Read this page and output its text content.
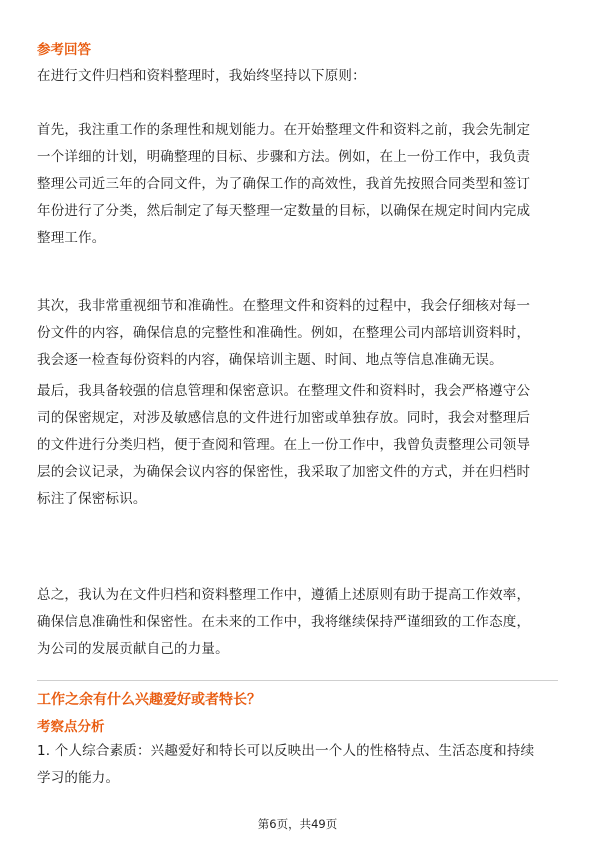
参考回答
在进行文件归档和资料整理时，我始终坚持以下原则：
首先，我注重工作的条理性和规划能力。在开始整理文件和资料之前，我会先制定
一个详细的计划，明确整理的目标、步骤和方法。例如，在上一份工作中，我负责
整理公司近三年的合同文件，为了确保工作的高效性，我首先按照合同类型和签订
年份进行了分类，然后制定了每天整理一定数量的目标，以确保在规定时间内完成
整理工作。
其次，我非常重视细节和准确性。在整理文件和资料的过程中，我会仔细核对每一
份文件的内容，确保信息的完整性和准确性。例如，在整理公司内部培训资料时，
我会逐一检查每份资料的内容，确保培训主题、时间、地点等信息准确无误。
最后，我具备较强的信息管理和保密意识。在整理文件和资料时，我会严格遵守公
司的保密规定，对涉及敏感信息的文件进行加密或单独存放。同时，我会对整理后
的文件进行分类归档，便于查阅和管理。在上一份工作中，我曾负责整理公司领导
层的会议记录，为确保会议内容的保密性，我采取了加密文件的方式，并在归档时
标注了保密标识。
总之，我认为在文件归档和资料整理工作中，遵循上述原则有助于提高工作效率，
确保信息准确性和保密性。在未来的工作中，我将继续保持严谨细致的工作态度，
为公司的发展贡献自己的力量。
工作之余有什么兴趣爱好或者特长？
考察点分析
1. 个人综合素质：兴趣爱好和特长可以反映出一个人的性格特点、生活态度和持续
学习的能力。
第6页，共49页
